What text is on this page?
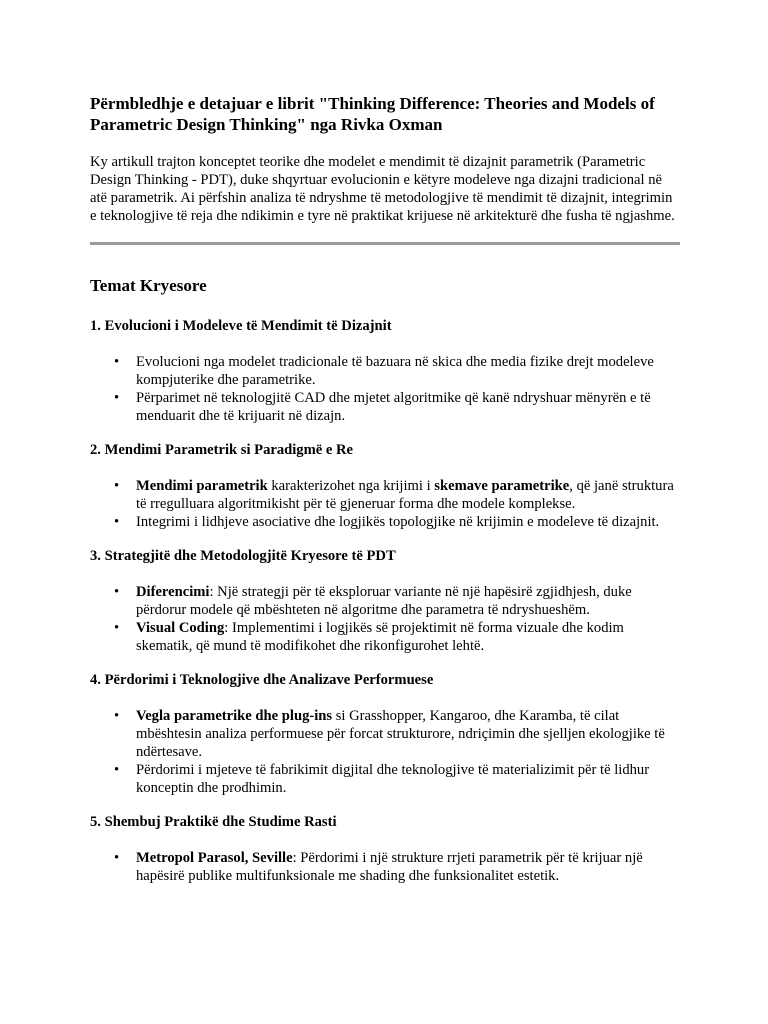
Përmbledhje e detajuar e librit "Thinking Difference: Theories and Models of Parametric Design Thinking" nga Rivka Oxman

Ky artikull trajton konceptet teorike dhe modelet e mendimit të dizajnit parametrik (Parametric Design Thinking - PDT), duke shqyrtuar evolucionin e këtyre modeleve nga dizajni tradicional në atë parametrik. Ai përfshin analiza të ndryshme të metodologjive të mendimit të dizajnit, integrimin e teknologjive të reja dhe ndikimin e tyre në praktikat krijuese në arkitekturë dhe fusha të ngjashme.

Temat Kryesore
1. Evolucioni i Modeleve të Mendimit të Dizajnit
• Evolucioni nga modelet tradicionale të bazuara në skica dhe media fizike drejt modeleve kompjuterike dhe parametrike.
• Përparimet në teknologjitë CAD dhe mjetet algoritmike që kanë ndryshuar mënyrën e të menduarit dhe të krijuarit në dizajn.
2. Mendimi Parametrik si Paradigmë e Re
• Mendimi parametrik karakterizohet nga krijimi i skemave parametrike, që janë struktura të rregulluara algoritmikisht për të gjeneruar forma dhe modele komplekse.
• Integrimi i lidhjeve asociative dhe logjikës topologjike në krijimin e modeleve të dizajnit.
3. Strategjitë dhe Metodologjitë Kryesore të PDT
• Diferencimi: Një strategji për të eksploruar variante në një hapësirë zgjidhjesh, duke përdorur modele që mbështeten në algoritme dhe parametra të ndryshueshëm.
• Visual Coding: Implementimi i logjikës së projektimit në forma vizuale dhe kodim skematik, që mund të modifikohet dhe rikonfigurohet lehtë.
4. Përdorimi i Teknologjive dhe Analizave Performuese
• Vegla parametrike dhe plug-ins si Grasshopper, Kangaroo, dhe Karamba, të cilat mbështesin analiza performuese për forcat strukturore, ndriçimin dhe sjelljen ekologjike të ndërtesave.
• Përdorimi i mjeteve të fabrikimit digjital dhe teknologjive të materializimit për të lidhur konceptin dhe prodhimin.
5. Shembuj Praktikë dhe Studime Rasti
• Metropol Parasol, Seville: Përdorimi i një strukture rrjeti parametrik për të krijuar një hapësirë publike multifunksionale me shading dhe funksionalitet estetik.
